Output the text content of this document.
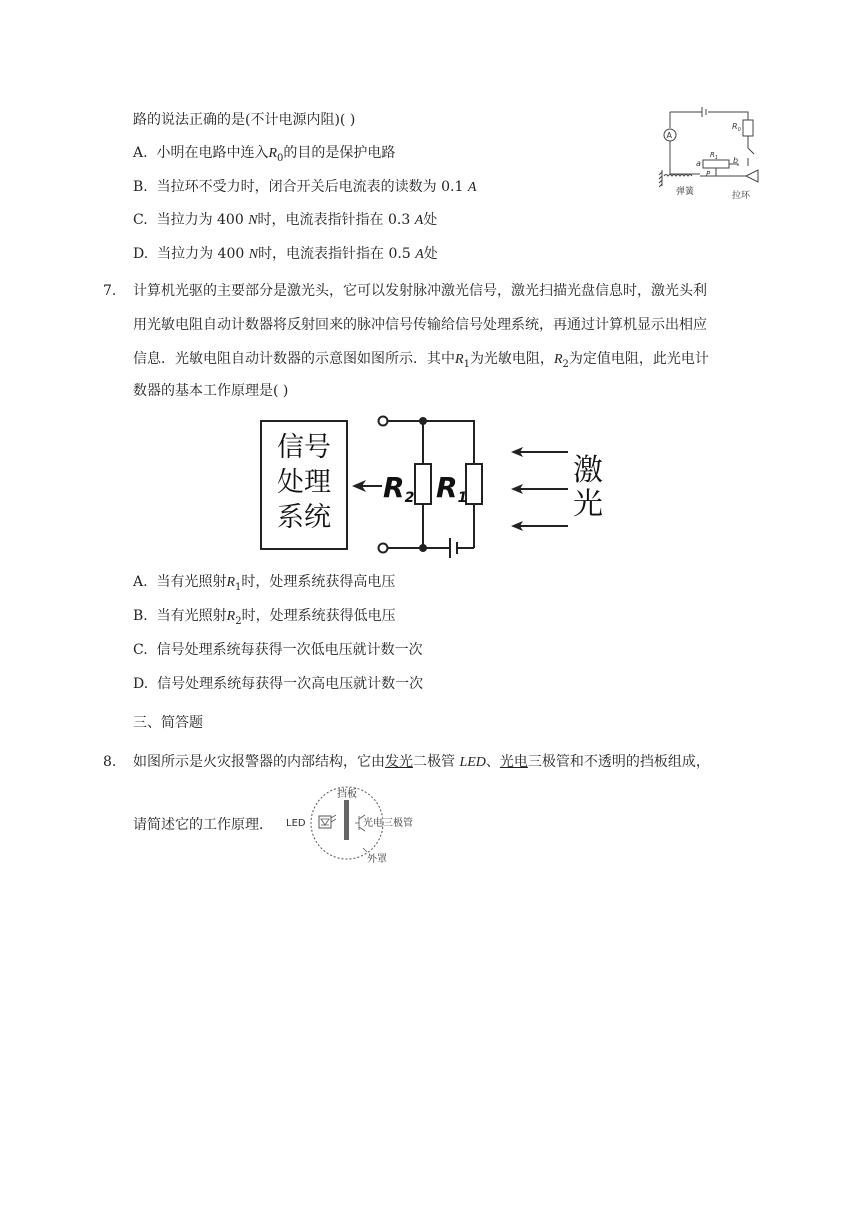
路的说法正确的是(不计电源内阻)( )
A. 小明在电路中连入$R_0$的目的是保护电路
B. 当拉环不受力时，闭合开关后电流表的读数为 0.1 A
C. 当拉力为 400 N时，电流表指针指在 0.3 A处
D. 当拉力为 400 N时，电流表指针指在 0.5 A处
A
$R_0$
$R_1$
a	b
P
弹簧	拉环
7. 计算机光驱的主要部分是激光头，它可以发射脉冲激光信号，激光扫描光盘信息时，激光头利
用光敏电阻自动计数器将反射回来的脉冲信号传输给信号处理系统，再通过计算机显示出相应
信息．光敏电阻自动计数器的示意图如图所示．其中$R_1$为光敏电阻，$R_2$为定值电阻，此光电计
数器的基本工作原理是( )
信号
处理
系统
R2 R1
激
光
A. 当有光照射$R_1$时，处理系统获得高电压
B. 当有光照射$R_2$时，处理系统获得低电压
C. 信号处理系统每获得一次低电压就计数一次
D. 信号处理系统每获得一次高电压就计数一次
三、简答题
8. 如图所示是火灾报警器的内部结构，它由发光二极管 LED、光电三极管和不透明的挡板组成，
请简述它的工作原理．
挡板
LED	光电三极管
外罩
